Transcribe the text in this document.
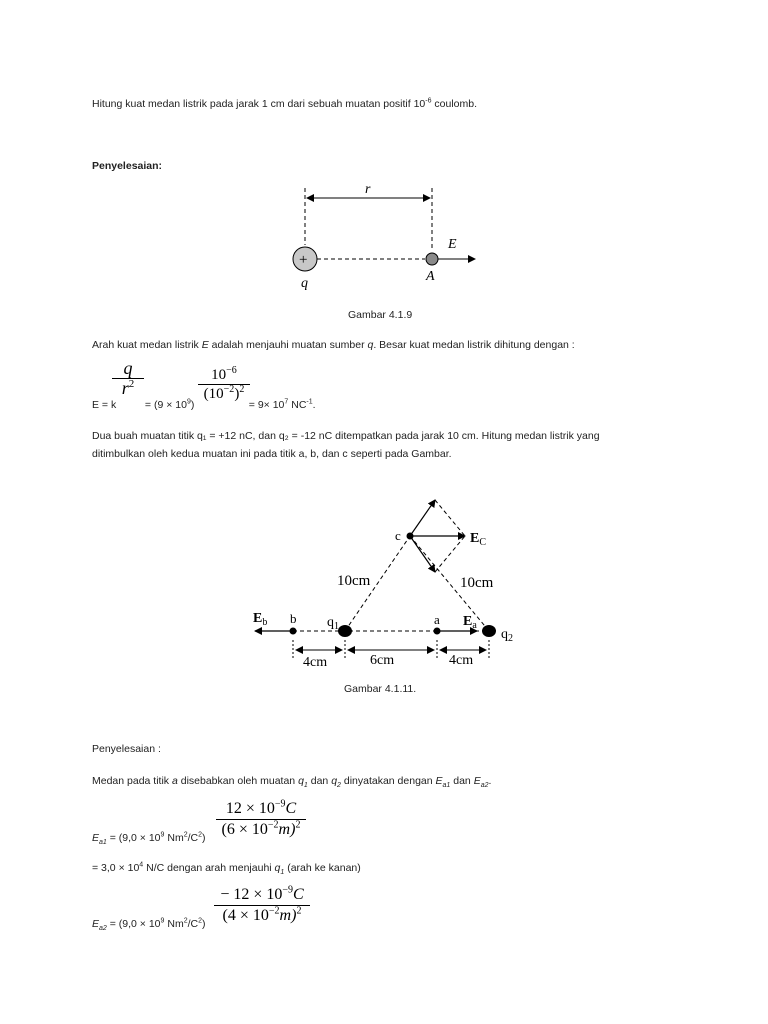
Hitung kuat medan listrik pada jarak 1 cm dari sebuah muatan positif $10^{-6}$ coulomb.
Penyelesaian:
r
+
E
q	A
Gambar 4.1.9
Arah kuat medan listrik E adalah menjauhi muatan sumber q. Besar kuat medan listrik dihitung dengan :
q
$r^2$
$10^{-6}$
$(10^{-2})^2$
$E = k = (9 \times 10^9)$	= $9\times 10^7$ $NC^{-1}$.
Dua buah muatan titik q₁ = +12 nC, dan q₂ = -12 nC ditempatkan pada jarak 10 cm. Hitung medan listrik yang
ditimbulkan oleh kedua muatan ini pada titik a, b, dan c seperti pada Gambar.
c	$E_C$
10cm	10cm
$E_b$ b $q_1$	a $E_a$
$q_2$
4cm	6cm	4cm
Gambar 4.1.11.
Penyelesaian :
Medan pada titik a disebabkan oleh muatan $q_1$ dan $q_2$ dinyatakan dengan $E_{a1}$ dan $E_{a2}$.
$12 \times 10^{-9}C$
$(6 \times 10^{-2}m)^2$
$E_{a1} = (9,0 \times 10^9$ $Nm^2/C^2$)
= $3,0 \times 10^4$ N/C dengan arah menjauhi $q_1$ (arah ke kanan)
− $12 \times 10^{-9}C$
$(4 \times 10^{-2}m)^2$
$E_{a2} = (9,0 \times 10^9$ $Nm^2/C^2$)
